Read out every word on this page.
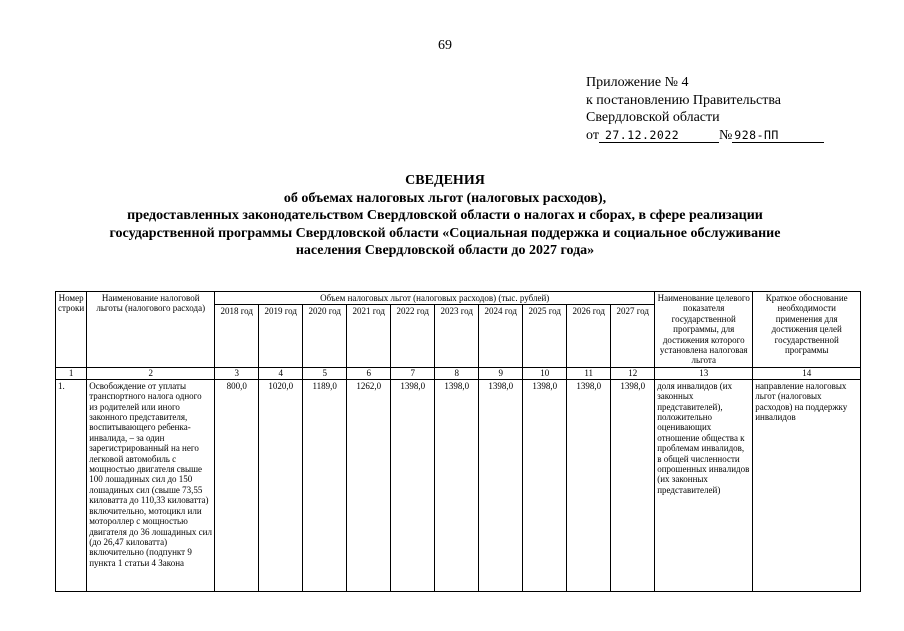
69
Приложение № 4
к постановлению Правительства
Свердловской области
от 27.12.2022	№ 928-ПП
СВЕДЕНИЯ
об объемах налоговых льгот (налоговых расходов),
предоставленных законодательством Свердловской области о налогах и сборах, в сфере реализации
государственной программы Свердловской области «Социальная поддержка и социальное обслуживание
населения Свердловской области до 2027 года»
Номер строки	Наименование налоговой льготы (налогового расхода)	Объем налоговых льгот (налоговых расходов) (тыс. рублей)										Наименование целевого показателя государственной программы, для достижения которого установлена налоговая льгота	Краткое обоснование необходимости применения для достижения целей государственной программы
		2018 год	2019 год	2020 год	2021 год	2022 год	2023 год	2024 год	2025 год	2026 год	2027 год		
1	2	3	4	5	6	7	8	9	10	11	12	13	14
1.	Освобождение от уплаты транспортного налога одного из родителей или иного законного представителя, воспитывающего ребенка-инвалида, – за один зарегистрированный на него легковой автомобиль с мощностью двигателя свыше 100 лошадиных сил до 150 лошадиных сил (свыше 73,55 киловатта до 110,33 киловатта) включительно, мотоцикл или мотороллер с мощностью двигателя до 36 лошадиных сил (до 26,47 киловатта) включительно (подпункт 9 пункта 1 статьи 4 Закона	800,0	1020,0	1189,0	1262,0	1398,0	1398,0	1398,0	1398,0	1398,0	1398,0	доля инвалидов (их законных представителей), положительно оценивающих отношение общества к проблемам инвалидов, в общей численности опрошенных инвалидов (их законных представителей)	направление налоговых льгот (налоговых расходов) на поддержку инвалидов
